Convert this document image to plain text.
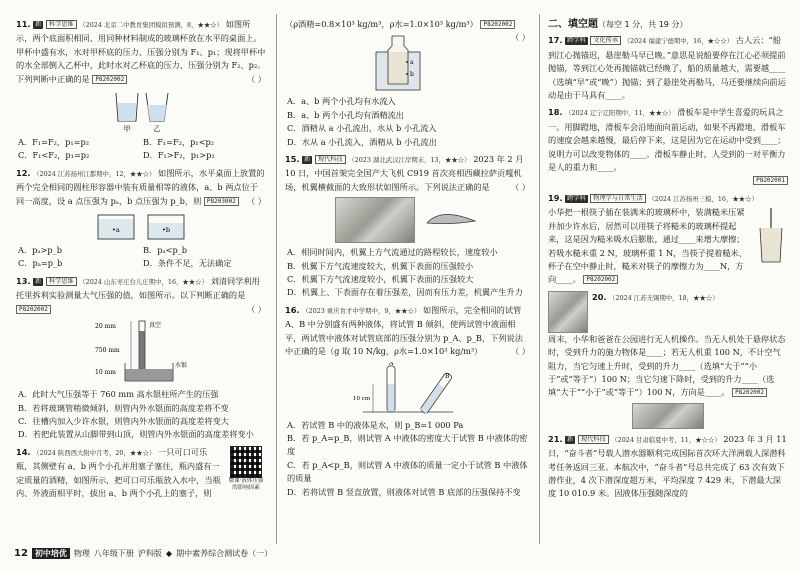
11. 新 科学思维 （2024 北京二中教育集团模拟预测，8，★★☆） 如图所示，两个底面积相同、用同种材料制成的玻璃杯放在水平的桌面上。甲杯中盛有水，水对甲杯底的压力、压强分别为 F₁、p₁；现将甲杯中的水全部倒入乙杯中，此时水对乙杯底的压力、压强分别为 F₂、p₂。下列判断中正确的是 P8202002	（ ）
甲	乙
A．F₁=F₂，p₁=p₂	B．F₁=F₂，p₁<p₂
C．F₁<F₂，p₁=p₂	D．F₁>F₂，p₁>p₂
12. （2024 江苏扬州江都期中，12，★★☆） 如图所示，水平桌面上放置的两个完全相同的圆柱形容器中装有质量相等的液体，a、b 两点位于同一高度，设 a 点压强为 pₐ，b 点压强为 p_b，则 P8203002 （ ）
•a	•b
A．pₐ>p_b	B．pₐ<p_b
C．pₐ=p_b	D．条件不足，无法确定
13. 新 科学思维 （2024 山东枣庄台儿庄期中，16，★★☆） 刘清同学利用托里拆利实验测量大气压强的值，如图所示。以下判断正确的是 P8202002	（ ）
20 mm	真空
750 mm
10 mm
水银
A．此时大气压强等于 760 mm 高水银柱所产生的压强
B．若将玻璃管稍微倾斜，则管内外水银面的高度差将不变
C．往槽内加入少许水银，则管内外水银面的高度差将变大
D．若把此装置从山脚带到山顶，则管内外水银面的高度差将变小
14. （2024 陕西西大附中月考，20，★★☆） 一只可口可乐瓶，其侧壁有 a、b 两个小孔并用塞子塞住，瓶内盛有一定质量的酒精，如图所示，把可口可乐瓶放入水中，当瓶内、外液面相平时，拔出 a、b 两个小孔上的塞子，则
微课·液体压强的影响因素
（ρ酒精=0.8×10³ kg/m³，ρ水=1.0×10³ kg/m³） P8202002
（ ）
a
b
A．a、b 两个小孔均有水流入
B．a、b 两个小孔均有酒精流出
C．酒精从 a 小孔流出，水从 b 小孔流入
D．水从 a 小孔流入，酒精从 b 小孔流出
15. 新 现代科技 （2023 湖北武汉江岸期末，13，★★☆） 2023 年 2 月 10 日，中国首架完全国产大飞机 C919 首次亮相西藏拉萨贡嘎机场，机翼横截面的大致形状如图所示。下列说法正确的是	（ ）
A．相同时间内，机翼上方气流通过的路程较长，速度较小
B．机翼下方气流速度较大，机翼下表面的压强较小
C．机翼下方气流速度较小，机翼下表面的压强较大
D．机翼上、下表面存在着压强差，因而有压力差，机翼产生升力
16. （2023 重庆育才中学期中，9，★★☆） 如图所示，完全相同的试管 A、B 中分别盛有两种液体，将试管 B 倾斜，使两试管中液面相平，两试管中液体对试管底部的压强分别为 p_A、p_B，下列说法中正确的是（g 取 10 N/kg，ρ水=1.0×10³ kg/m³）	（ ）
A
B
10 cm
A．若试管 B 中的液体是水，则 p_B=1 000 Pa
B．若 p_A=p_B，则试管 A 中液体的密度大于试管 B 中液体的密度
C．若 p_A<p_B，则试管 A 中液体的质量一定小于试管 B 中液体的质量
D．若将试管 B 竖直放置，则液体对试管 B 底部的压强保持不变
二、填空题（每空 1 分，共 19 分）
17. 跨学科 文化传承 （2024 福建宁德期中，16，★☆☆） 古人云：“船到江心抛锚迟，悬崖勒马早已晚。”意思是说船要停在江心必须提前抛锚，等到江心处再抛锚就已经晚了，船的质量越大，需要越____（选填“早”或“晚”）抛锚；到了悬崖处再勒马，马还要继续向前运动是由于马具有____。
18. （2024 辽宁辽阳期中，11，★★☆） 滑板车是中学生喜爱的玩具之一。用脚蹬地，滑板车会沿地面向前运动，如果不再蹬地，滑板车的速度会越来越慢，最后停下来，这是因为它在运动中受到____；说明力可以改变物体的____。滑板车静止时，人受到的一对平衡力是人的重力和____。
P8202001
19. 跨学科 物理学与日常生活 （2024 江苏扬州三模，16，★★☆）
小华把一根筷子插在装满米的玻璃杯中，装满糙米压紧并加少许水后，居然可以用筷子将糙米的玻璃杯提起来，这是因为糙米吸水后膨胀，通过____来增大摩擦；若吸水糙米重 2 N，玻璃杯重 1 N，当筷子提着糙米、杯子在空中静止时，糙米对筷子的摩擦力为____N，方向____。 P8202002
20. （2024 江苏无锡期中，18，★★☆）
周末，小华和爸爸在公园进行无人机操作。当无人机处于悬停状态时，受到升力的施力物体是____；若无人机重 100 N，不计空气阻力，当它匀速上升时，受到的升力____（选填“大于”“小于”或“等于”）100 N；当它匀速下降时，受到的升力____（选填“大于”“小于”或“等于”）100 N，方向是____。 P8202002
21. 新 现代科技 （2024 甘肃临夏中考，11，★☆☆） 2023 年 3 月 11 日，“奋斗者”号载人潜水器顺利完成国际首次环大洋洲载人深潜科考任务返回三亚。本航次中，“奋斗者”号总共完成了 63 次有效下潜作业，4 次下潜深度超万米，平均深度 7 429 米，下潜最大深度 10 010.9 米。因液体压强随深度的
12 初中培优 物理 八年级下册 沪科版 ◆ 期中素养综合测试卷（一）
